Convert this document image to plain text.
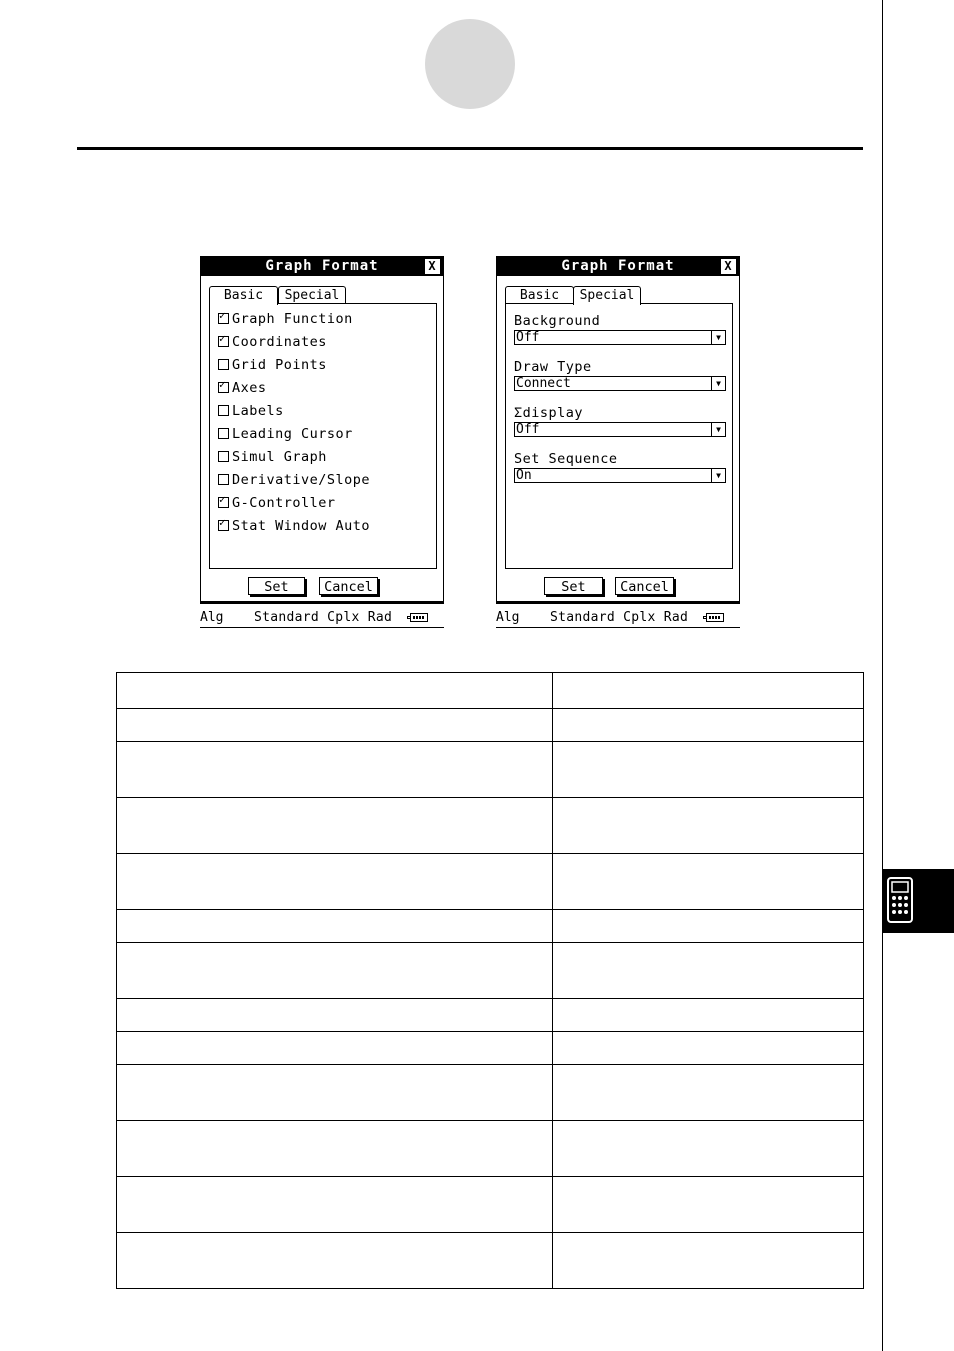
Graph Format	X
Basic	Special
✓Graph Function
✓Coordinates
Grid Points
✓Axes
Labels
Leading Cursor
Simul Graph
Derivative/Slope
✓G-Controller
✓Stat Window Auto
Set	Cancel
Alg Standard Cplx Rad
Graph Format	X
Basic	Special
Background
Off	▼
Draw Type
Connect	▼
Σdisplay
Off	▼
Set Sequence
On	▼
Set	Cancel
Alg Standard Cplx Rad
